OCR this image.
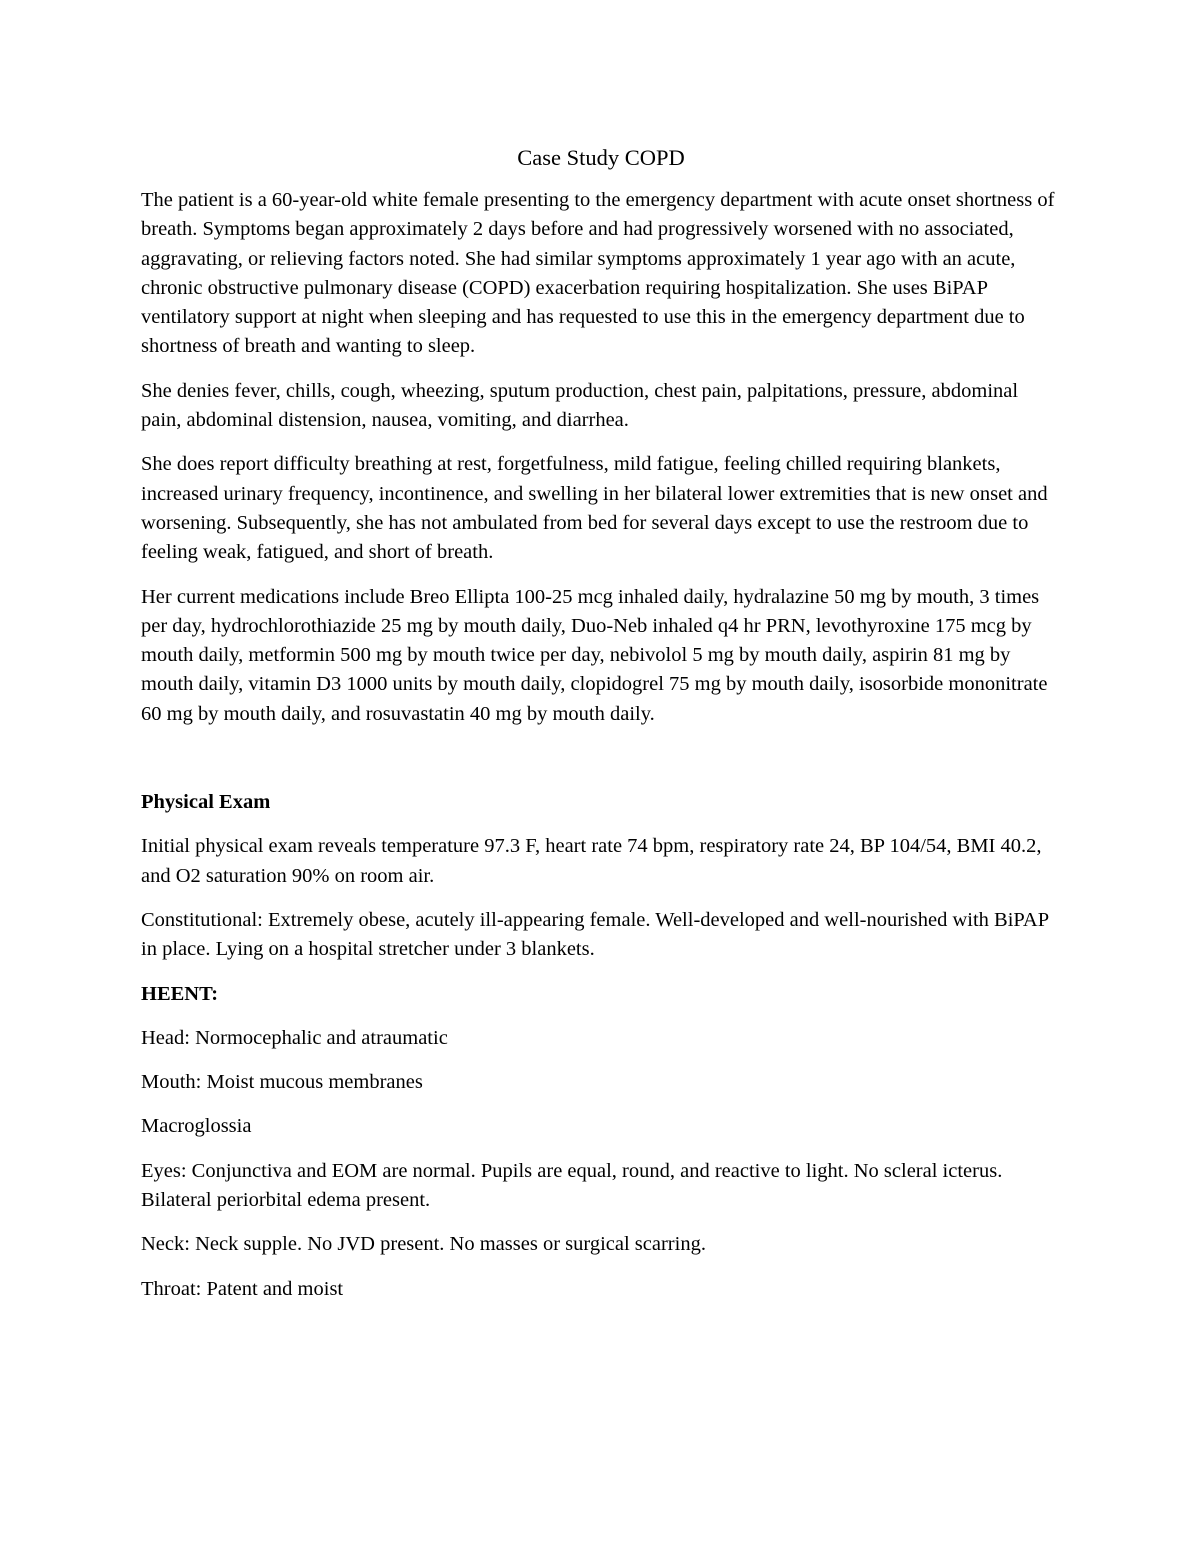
Case Study COPD

The patient is a 60-year-old white female presenting to the emergency department with acute onset shortness of breath. Symptoms began approximately 2 days before and had progressively worsened with no associated, aggravating, or relieving factors noted. She had similar symptoms approximately 1 year ago with an acute, chronic obstructive pulmonary disease (COPD) exacerbation requiring hospitalization. She uses BiPAP ventilatory support at night when sleeping and has requested to use this in the emergency department due to shortness of breath and wanting to sleep.

She denies fever, chills, cough, wheezing, sputum production, chest pain, palpitations, pressure, abdominal pain, abdominal distension, nausea, vomiting, and diarrhea.

She does report difficulty breathing at rest, forgetfulness, mild fatigue, feeling chilled requiring blankets, increased urinary frequency, incontinence, and swelling in her bilateral lower extremities that is new onset and worsening. Subsequently, she has not ambulated from bed for several days except to use the restroom due to feeling weak, fatigued, and short of breath.

Her current medications include Breo Ellipta 100-25 mcg inhaled daily, hydralazine 50 mg by mouth, 3 times per day, hydrochlorothiazide 25 mg by mouth daily, Duo-Neb inhaled q4 hr PRN, levothyroxine 175 mcg by mouth daily, metformin 500 mg by mouth twice per day, nebivolol 5 mg by mouth daily, aspirin 81 mg by mouth daily, vitamin D3 1000 units by mouth daily, clopidogrel 75 mg by mouth daily, isosorbide mononitrate 60 mg by mouth daily, and rosuvastatin 40 mg by mouth daily.

Physical Exam

Initial physical exam reveals temperature 97.3 F, heart rate 74 bpm, respiratory rate 24, BP 104/54, BMI 40.2, and O2 saturation 90% on room air.

Constitutional: Extremely obese, acutely ill-appearing female. Well-developed and well-nourished with BiPAP in place. Lying on a hospital stretcher under 3 blankets.

HEENT:

Head: Normocephalic and atraumatic

Mouth: Moist mucous membranes

Macroglossia

Eyes: Conjunctiva and EOM are normal. Pupils are equal, round, and reactive to light. No scleral icterus. Bilateral periorbital edema present.

Neck: Neck supple. No JVD present. No masses or surgical scarring.

Throat: Patent and moist
